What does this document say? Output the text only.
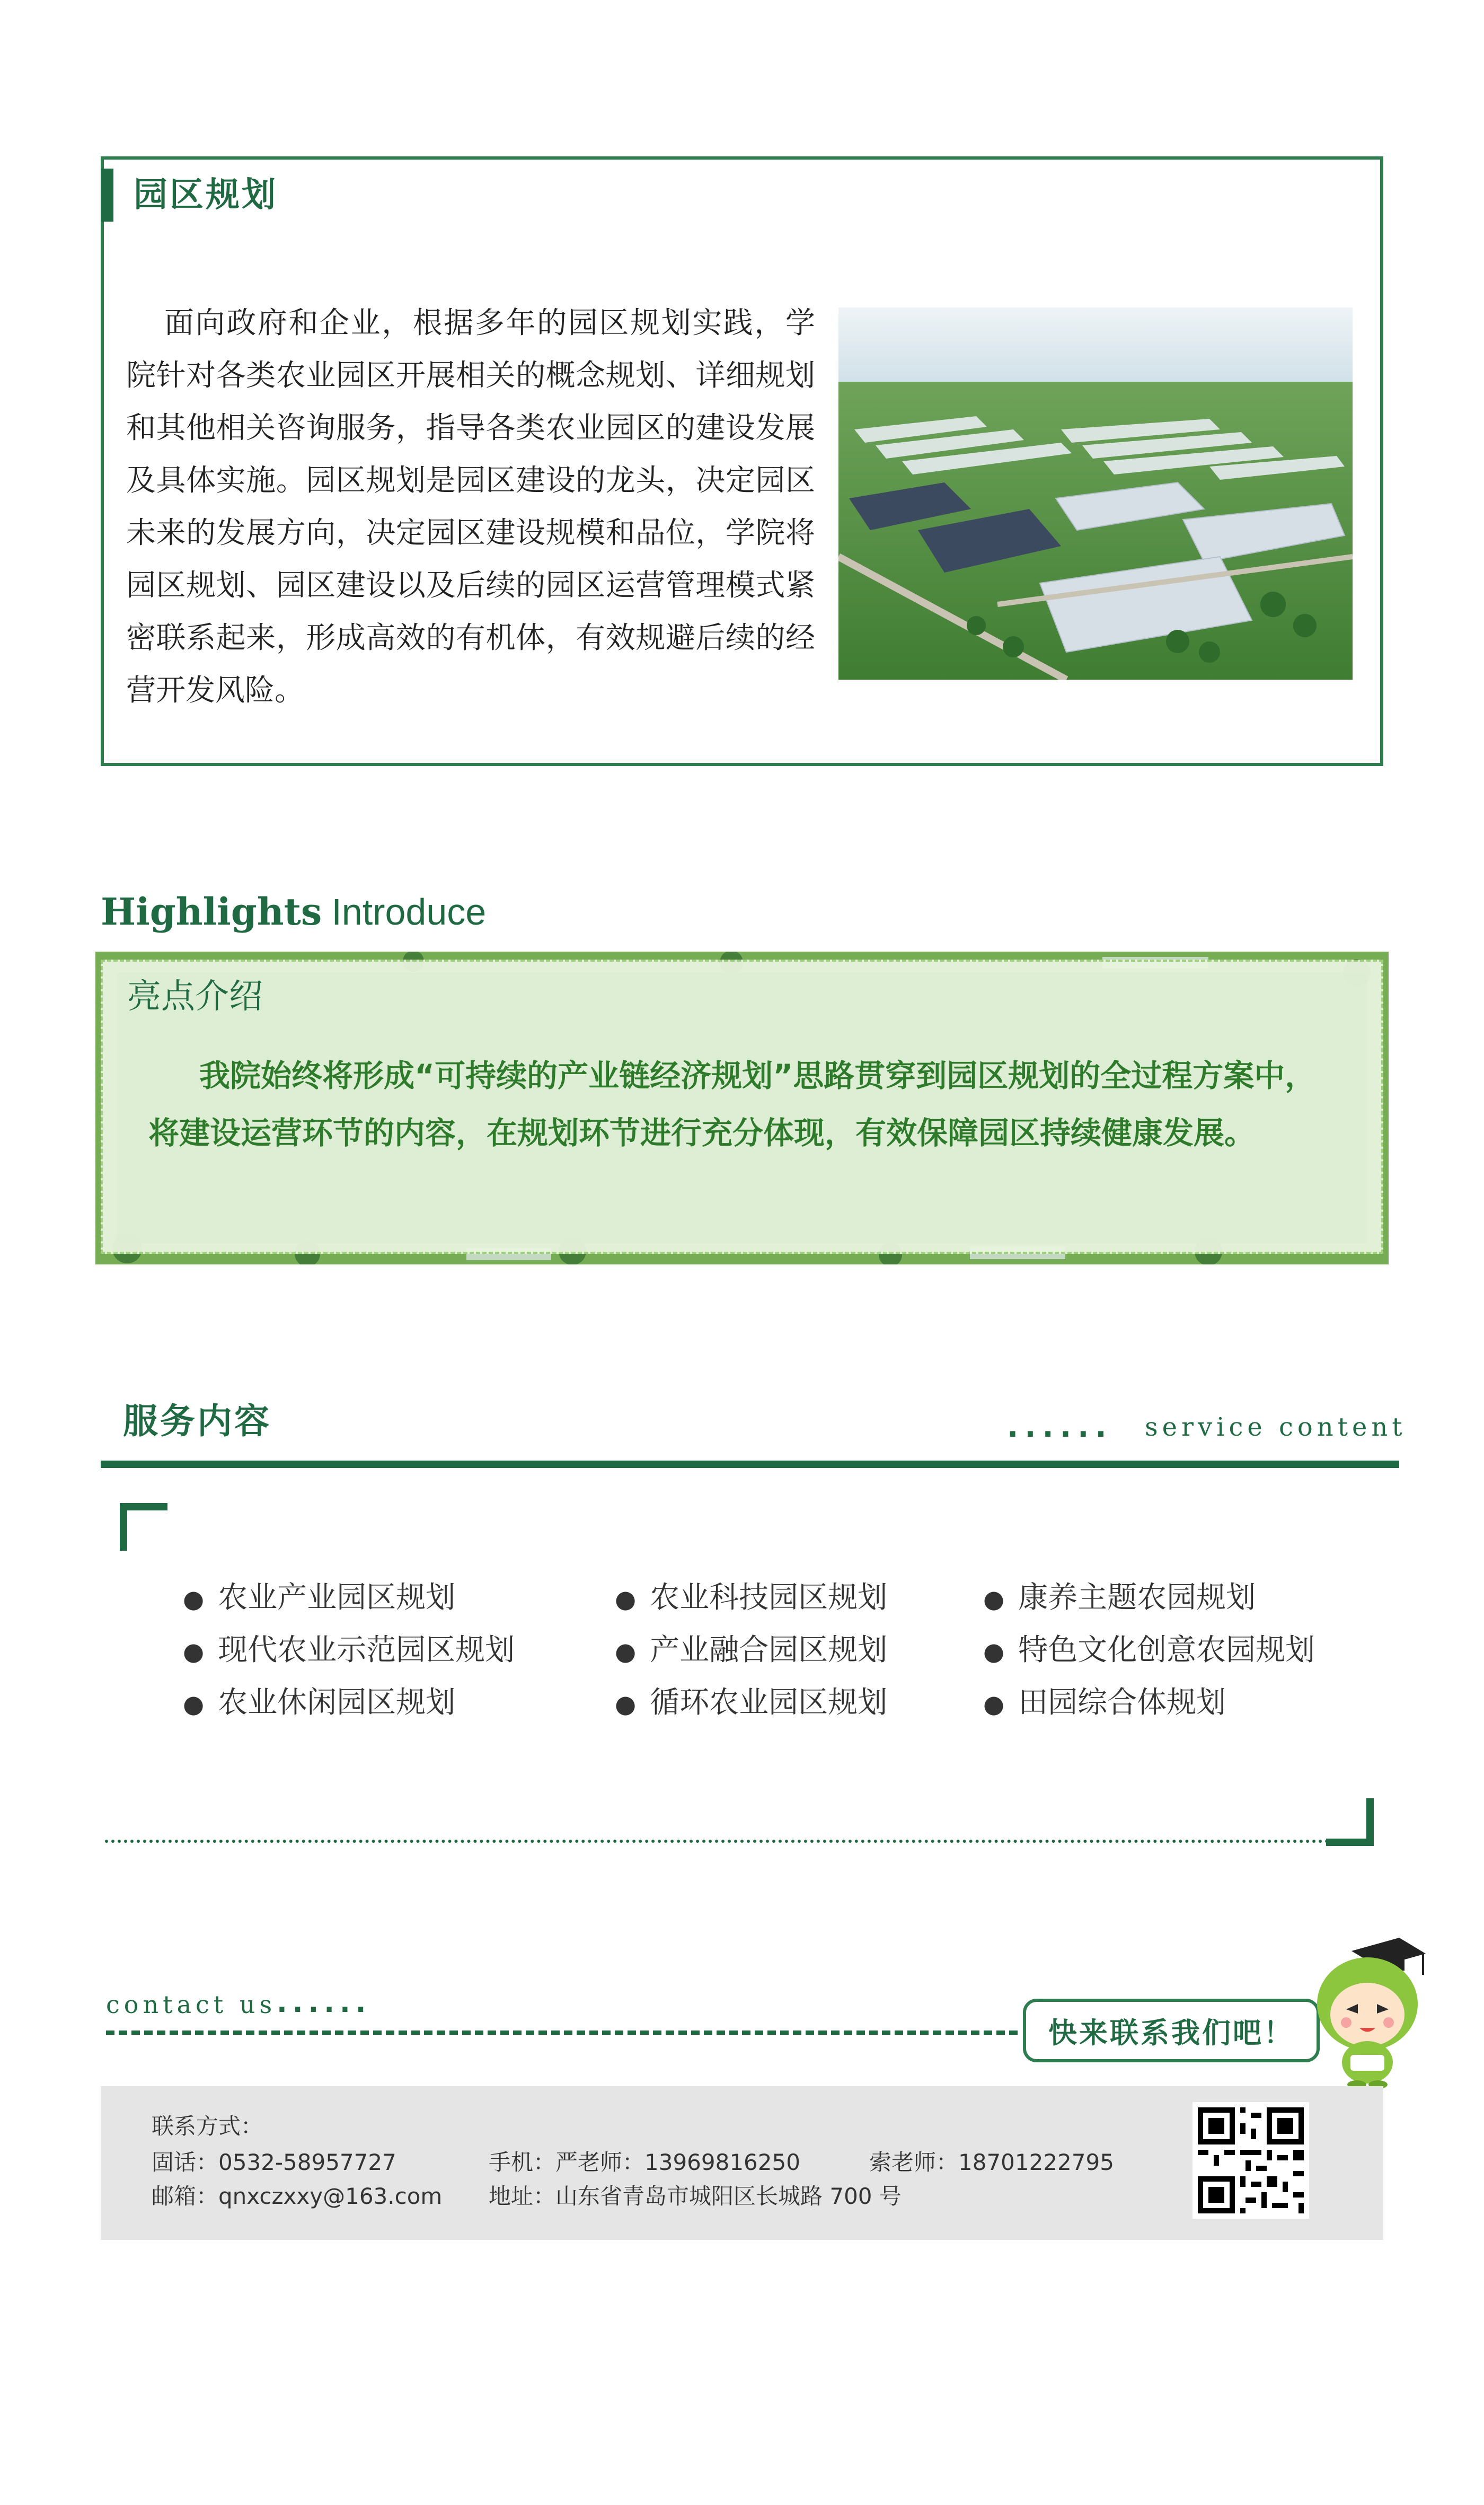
园区规划

面向政府和企业，根据多年的园区规划实践，学院针对各类农业园区开展相关的概念规划、详细规划和其他相关咨询服务，指导各类农业园区的建设发展及具体实施。园区规划是园区建设的龙头，决定园区未来的发展方向，决定园区建设规模和品位，学院将园区规划、园区建设以及后续的园区运营管理模式紧密联系起来，形成高效的有机体，有效规避后续的经营开发风险。

Highlights Introduce
亮点介绍

我院始终将形成“可持续的产业链经济规划”思路贯穿到园区规划的全过程方案中，将建设运营环节的内容，在规划环节进行充分体现，有效保障园区持续健康发展。

服务内容	...... service content
● 农业产业园区规划	● 农业科技园区规划	● 康养主题农园规划
● 现代农业示范园区规划	● 产业融合园区规划	● 特色文化创意农园规划
● 农业休闲园区规划	● 循环农业园区规划	● 田园综合体规划
contact us ......
快来联系我们吧！
联系方式：
固话：0532-58957727	手机：严老师：13969816250	索老师：18701222795
邮箱：qnxczxxy@163.com 地址：山东省青岛市城阳区长城路 700 号
